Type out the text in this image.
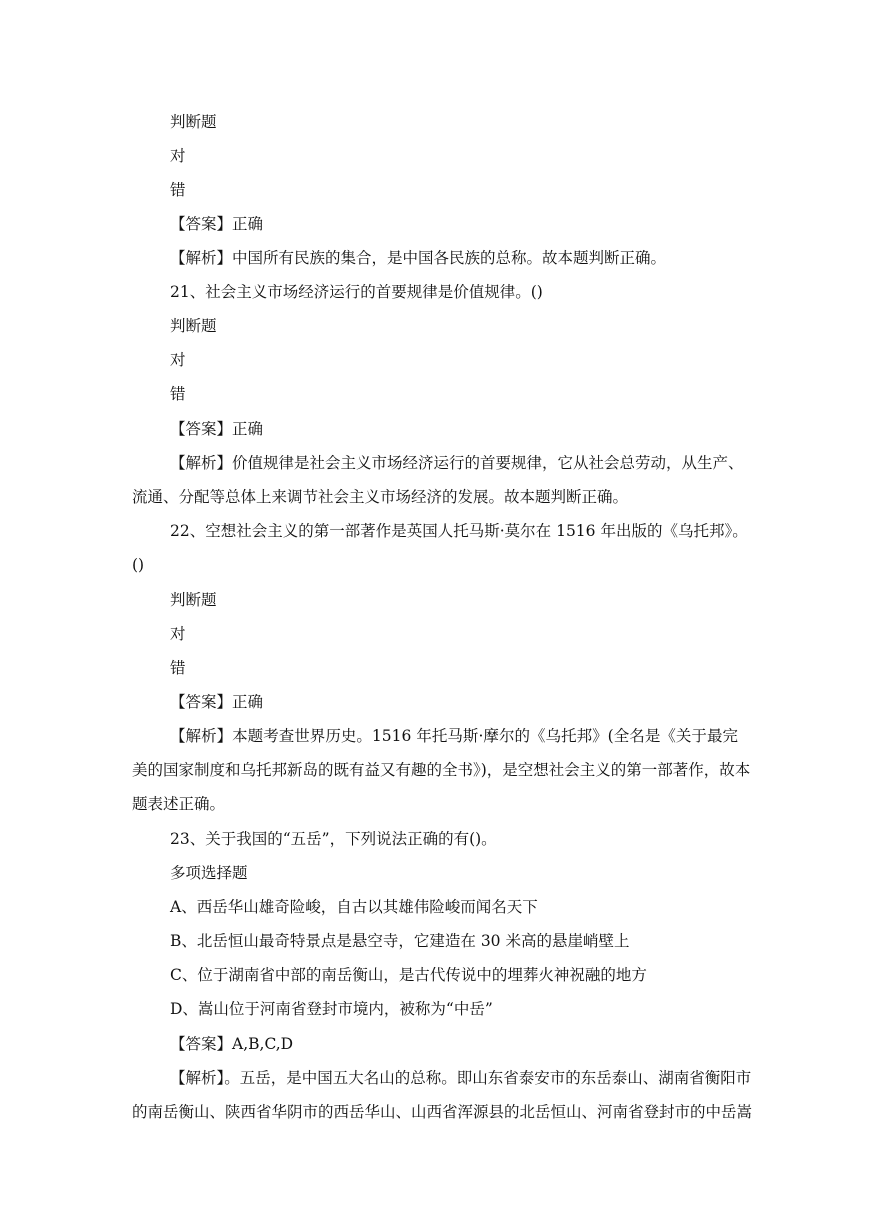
判断题
对
错
【答案】正确
【解析】中国所有民族的集合，是中国各民族的总称。故本题判断正确。
21、社会主义市场经济运行的首要规律是价值规律。()
判断题
对
错
【答案】正确
【解析】价值规律是社会主义市场经济运行的首要规律，它从社会总劳动，从生产、
流通、分配等总体上来调节社会主义市场经济的发展。故本题判断正确。
22、空想社会主义的第一部著作是英国人托马斯·莫尔在 1516 年出版的《乌托邦》。
()
判断题
对
错
【答案】正确
【解析】本题考查世界历史。1516 年托马斯·摩尔的《乌托邦》(全名是《关于最完
美的国家制度和乌托邦新岛的既有益又有趣的全书》)，是空想社会主义的第一部著作，故本
题表述正确。
23、关于我国的“五岳”，下列说法正确的有()。
多项选择题
A、西岳华山雄奇险峻，自古以其雄伟险峻而闻名天下
B、北岳恒山最奇特景点是悬空寺，它建造在 30 米高的悬崖峭壁上
C、位于湖南省中部的南岳衡山，是古代传说中的埋葬火神祝融的地方
D、嵩山位于河南省登封市境内，被称为“中岳”
【答案】A,B,C,D
【解析】。五岳，是中国五大名山的总称。即山东省泰安市的东岳泰山、湖南省衡阳市
的南岳衡山、陕西省华阴市的西岳华山、山西省浑源县的北岳恒山、河南省登封市的中岳嵩
